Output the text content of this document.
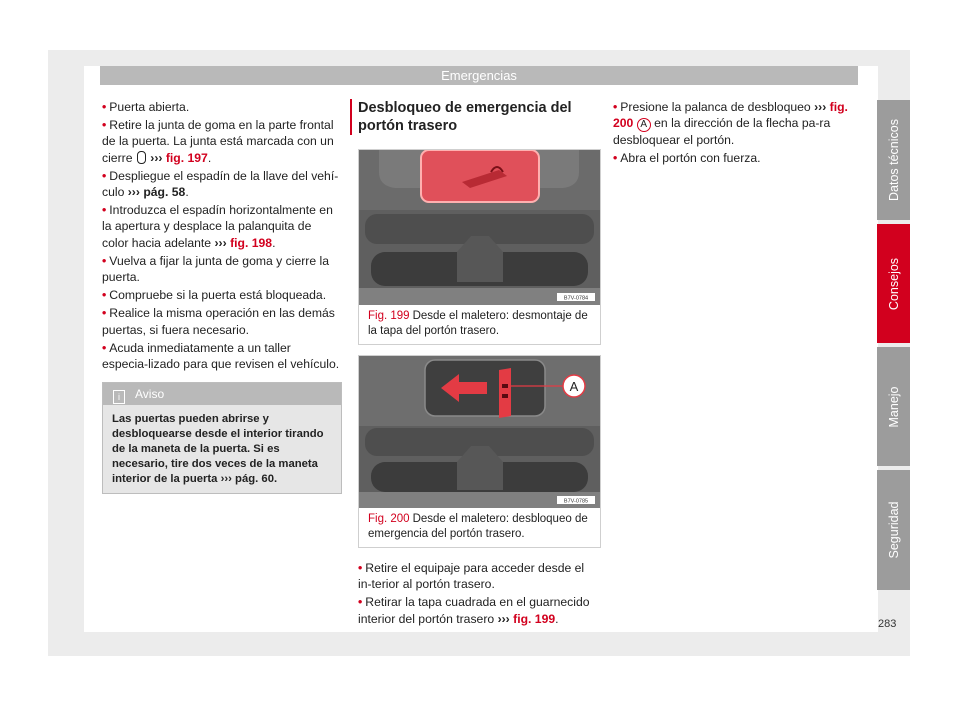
Emergencias

• Puerta abierta.

• Retire la junta de goma en la parte frontal de la puerta. La junta está marcada con un cierre ››› fig. 197.

• Despliegue el espadín de la llave del vehí-culo ››› pág. 58.

• Introduzca el espadín horizontalmente en la apertura y desplace la palanquita de color hacia adelante ››› fig. 198.

• Vuelva a fijar la junta de goma y cierre la puerta.

• Compruebe si la puerta está bloqueada.

• Realice la misma operación en las demás puertas, si fuera necesario.

• Acuda inmediatamente a un taller especia-lizado para que revisen el vehículo.

i Aviso
Las puertas pueden abrirse y desbloquearse desde el interior tirando de la maneta de la puerta. Si es necesario, tire dos veces de la maneta interior de la puerta ››› pág. 60.
Desbloqueo de emergencia del portón trasero
B7V-0784
Fig. 199 Desde el maletero: desmontaje de la tapa del portón trasero.
A
B7V-0785
Fig. 200 Desde el maletero: desbloqueo de emergencia del portón trasero.

• Retire el equipaje para acceder desde el in-terior al portón trasero.

• Retirar la tapa cuadrada en el guarnecido interior del portón trasero ››› fig. 199.

• Presione la palanca de desbloqueo ››› fig. 200 A en la dirección de la flecha pa-ra desbloquear el portón.

• Abra el portón con fuerza.	Datos técnicos
Consejos
Manejo
Seguridad
283
